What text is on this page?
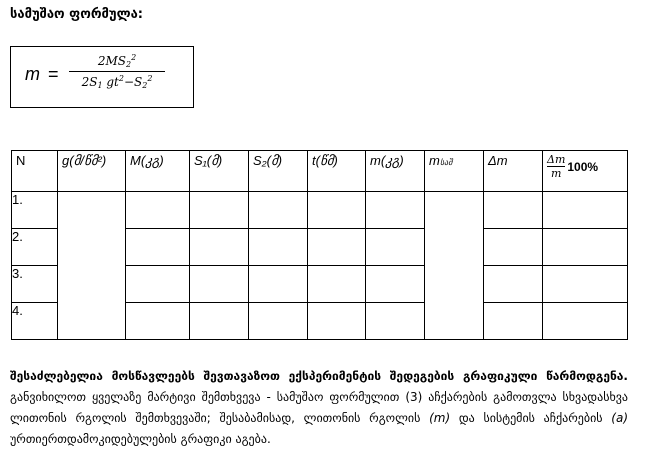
სამუშაო ფორმულა:
m =
$2MS_2^2$
$2S_1$ $gt^2-S_2^2$
N	g(მ/წმ²)	M(კგ)	S₁(მ)	S₂(მ)	t(წმ)	m(კგ)	mსაშ	Δm	$\frac{\Delta m}{m} 100\%$
1.									
2.									
3.									
4.									
შესაძლებელია მოსწავლეებს შევთავაზოთ ექსპერიმენტის შედეგების გრაფიკული წარმოდგენა. განვიხილოთ ყველაზე მარტივი შემთხვევა - სამუშაო ფორმულით (3) აჩქარების გამოთვლა სხვადასხვა ლითონის რგოლის შემთხვევაში; შესაბამისად, ლითონის რგოლის (m) და სისტემის აჩქარების (a) ურთიერთდამოკიდებულების გრაფიკი აგება.
